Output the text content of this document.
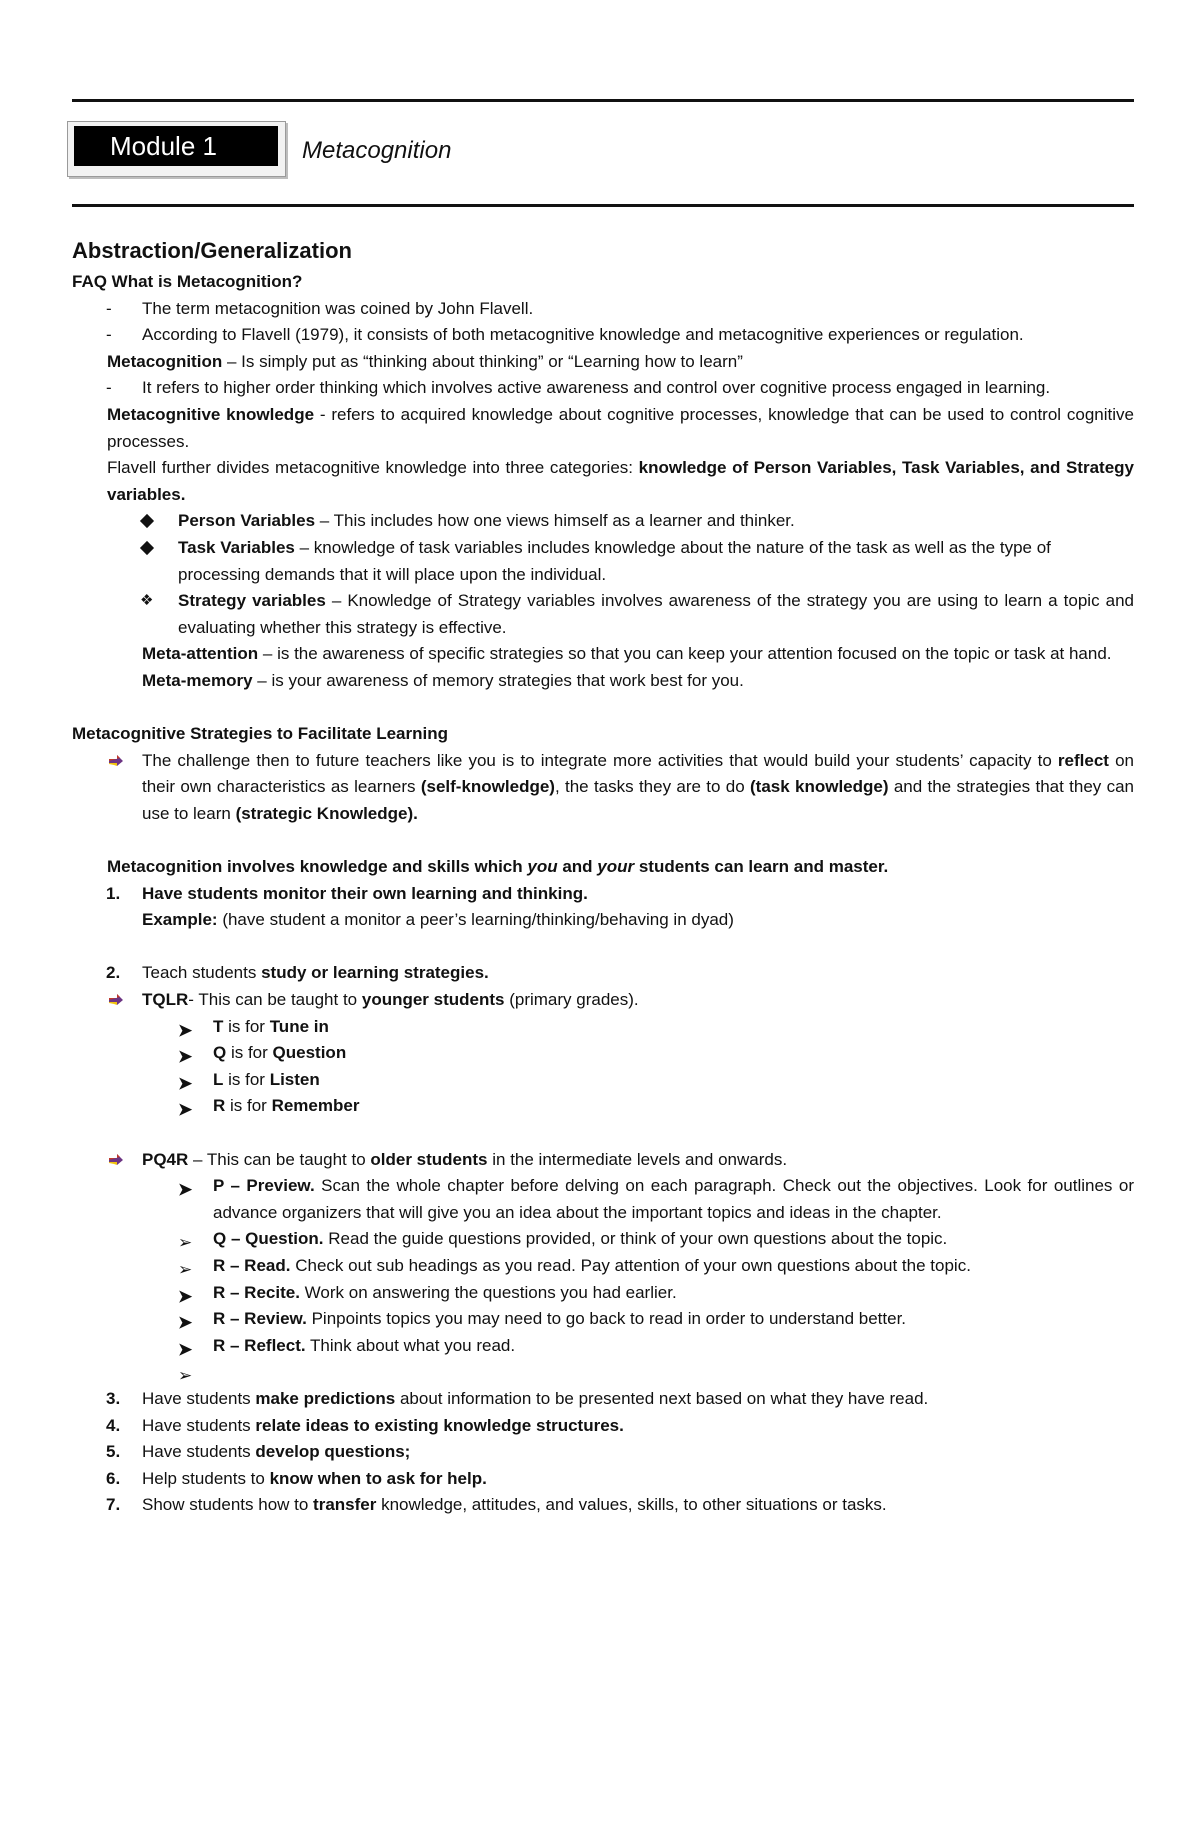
Module 1	Metacognition
Abstraction/Generalization
FAQ What is Metacognition?
- The term metacognition was coined by John Flavell.
- According to Flavell (1979), it consists of both metacognitive knowledge and metacognitive experiences or regulation.
Metacognition – Is simply put as “thinking about thinking” or “Learning how to learn”
- It refers to higher order thinking which involves active awareness and control over cognitive process engaged in learning.
Metacognitive knowledge - refers to acquired knowledge about cognitive processes, knowledge that can be used to control cognitive processes.
Flavell further divides metacognitive knowledge into three categories: knowledge of Person Variables, Task Variables, and Strategy variables.
Person Variables – This includes how one views himself as a learner and thinker.
Task Variables – knowledge of task variables includes knowledge about the nature of the task as well as the type of processing demands that it will place upon the individual.
❖ Strategy variables – Knowledge of Strategy variables involves awareness of the strategy you are using to learn a topic and evaluating whether this strategy is effective.
Meta-attention – is the awareness of specific strategies so that you can keep your attention focused on the topic or task at hand.
Meta-memory – is your awareness of memory strategies that work best for you.
Metacognitive Strategies to Facilitate Learning
The challenge then to future teachers like you is to integrate more activities that would build your students’ capacity to reflect on their own characteristics as learners (self-knowledge), the tasks they are to do (task knowledge) and the strategies that they can use to learn (strategic Knowledge).
Metacognition involves knowledge and skills which you and your students can learn and master.
1. Have students monitor their own learning and thinking.
Example: (have student a monitor a peer’s learning/thinking/behaving in dyad)
2. Teach students study or learning strategies.
TQLR- This can be taught to younger students (primary grades).
➤ T is for Tune in
➤ Q is for Question
➤ L is for Listen
➤ R is for Remember
PQ4R – This can be taught to older students in the intermediate levels and onwards.
➤ P – Preview. Scan the whole chapter before delving on each paragraph. Check out the objectives. Look for outlines or advance organizers that will give you an idea about the important topics and ideas in the chapter.
➢ Q – Question. Read the guide questions provided, or think of your own questions about the topic.
➢ R – Read. Check out sub headings as you read. Pay attention of your own questions about the topic.
➤ R – Recite. Work on answering the questions you had earlier.
➤ R – Review. Pinpoints topics you may need to go back to read in order to understand better.
➤ R – Reflect. Think about what you read.
➢
3. Have students make predictions about information to be presented next based on what they have read.
4. Have students relate ideas to existing knowledge structures.
5. Have students develop questions;
6. Help students to know when to ask for help.
7. Show students how to transfer knowledge, attitudes, and values, skills, to other situations or tasks.
